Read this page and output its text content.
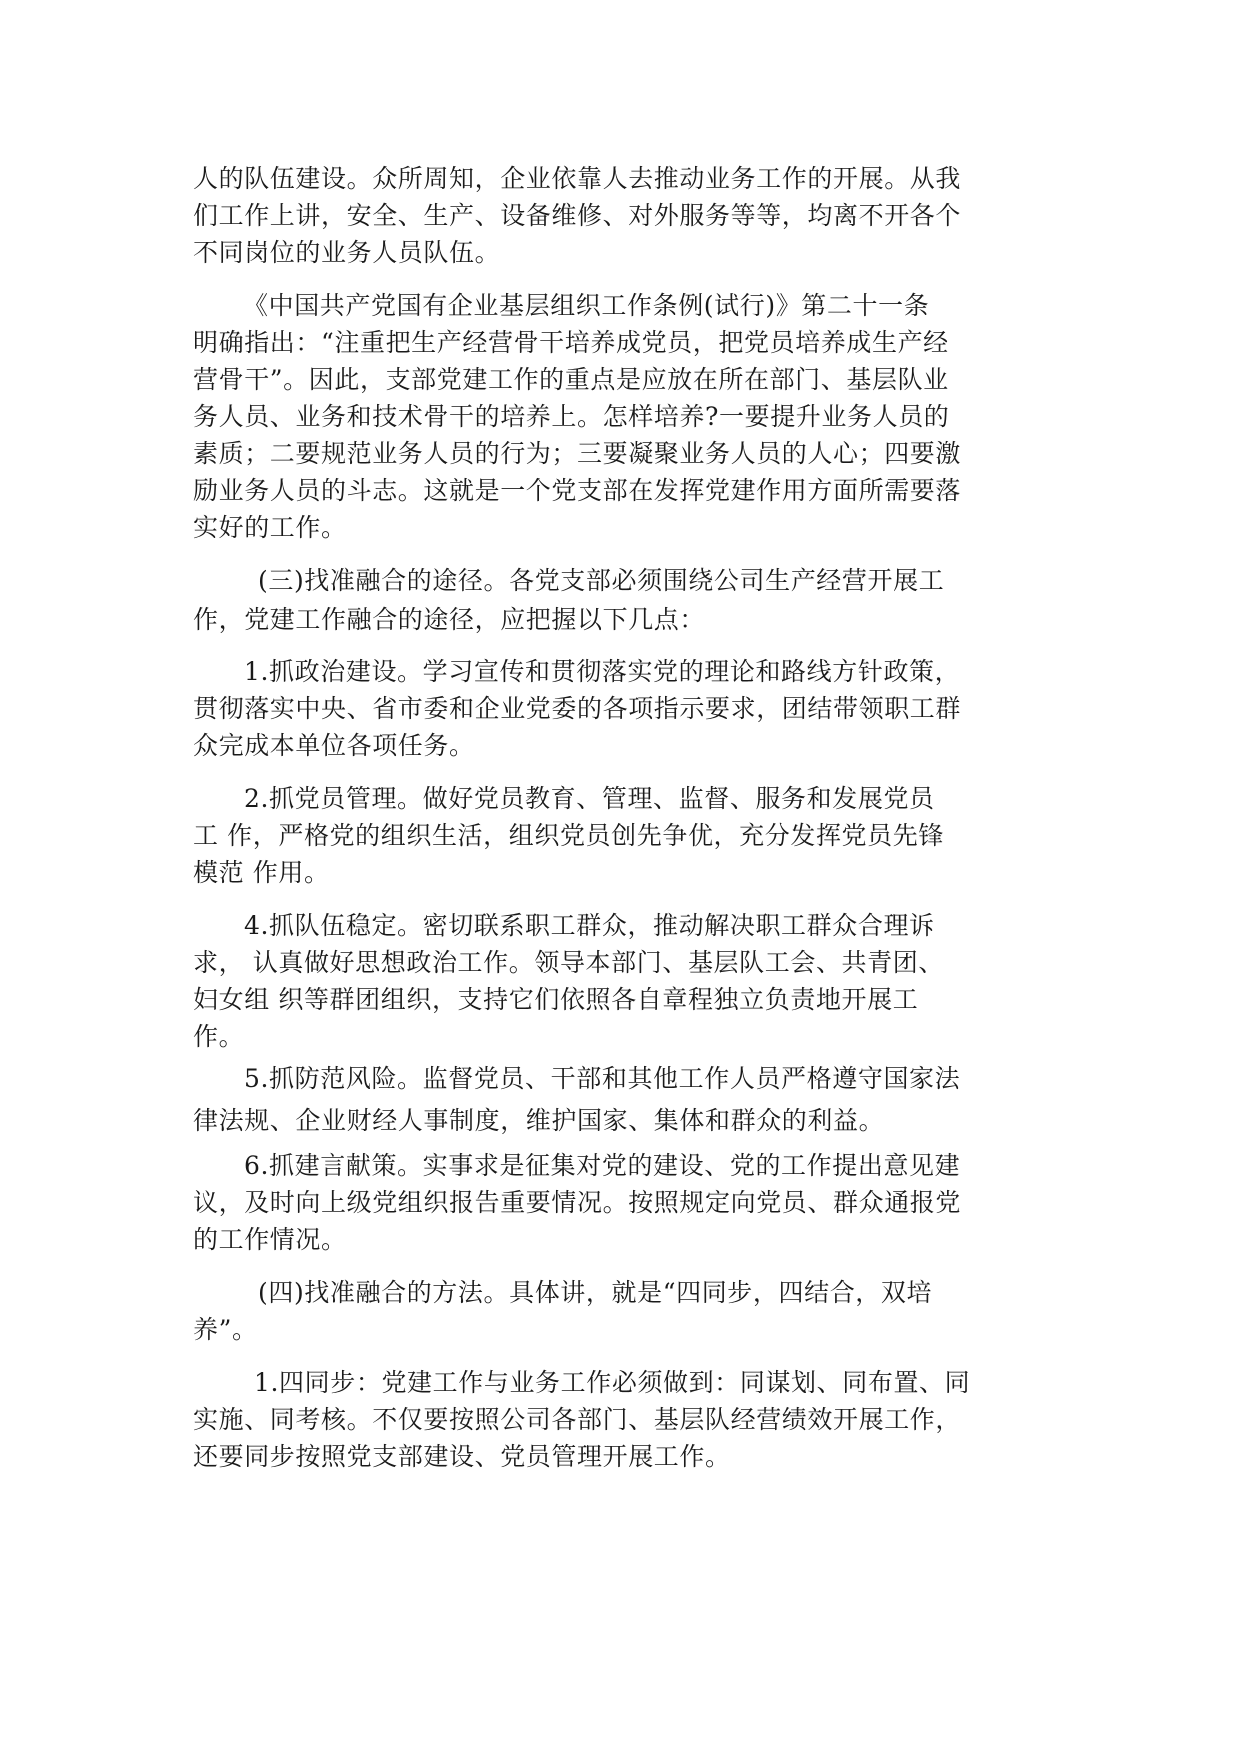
人的队伍建设。众所周知，企业依靠人去推动业务工作的开展。从我

们工作上讲，安全、生产、设备维修、对外服务等等，均离不开各个

不同岗位的业务人员队伍。

《中国共产党国有企业基层组织工作条例(试行)》第二十一条

明确指出：“注重把生产经营骨干培养成党员，把党员培养成生产经

营骨干”。因此，支部党建工作的重点是应放在所在部门、基层队业

务人员、业务和技术骨干的培养上。怎样培养?一要提升业务人员的

素质；二要规范业务人员的行为；三要凝聚业务人员的人心；四要激

励业务人员的斗志。这就是一个党支部在发挥党建作用方面所需要落

实好的工作。

(三)找准融合的途径。各党支部必须围绕公司生产经营开展工

作，党建工作融合的途径，应把握以下几点：

1.抓政治建设。学习宣传和贯彻落实党的理论和路线方针政策，

贯彻落实中央、省市委和企业党委的各项指示要求，团结带领职工群

众完成本单位各项任务。

2.抓党员管理。做好党员教育、管理、监督、服务和发展党员

工 作，严格党的组织生活，组织党员创先争优，充分发挥党员先锋

模范 作用。

4.抓队伍稳定。密切联系职工群众，推动解决职工群众合理诉

求， 认真做好思想政治工作。领导本部门、基层队工会、共青团、

妇女组 织等群团组织，支持它们依照各自章程独立负责地开展工

作。

5.抓防范风险。监督党员、干部和其他工作人员严格遵守国家法

律法规、企业财经人事制度，维护国家、集体和群众的利益。

6.抓建言献策。实事求是征集对党的建设、党的工作提出意见建

议，及时向上级党组织报告重要情况。按照规定向党员、群众通报党

的工作情况。

(四)找准融合的方法。具体讲，就是“四同步，四结合，双培

养”。

1.四同步：党建工作与业务工作必须做到：同谋划、同布置、同

实施、同考核。不仅要按照公司各部门、基层队经营绩效开展工作，

还要同步按照党支部建设、党员管理开展工作。
